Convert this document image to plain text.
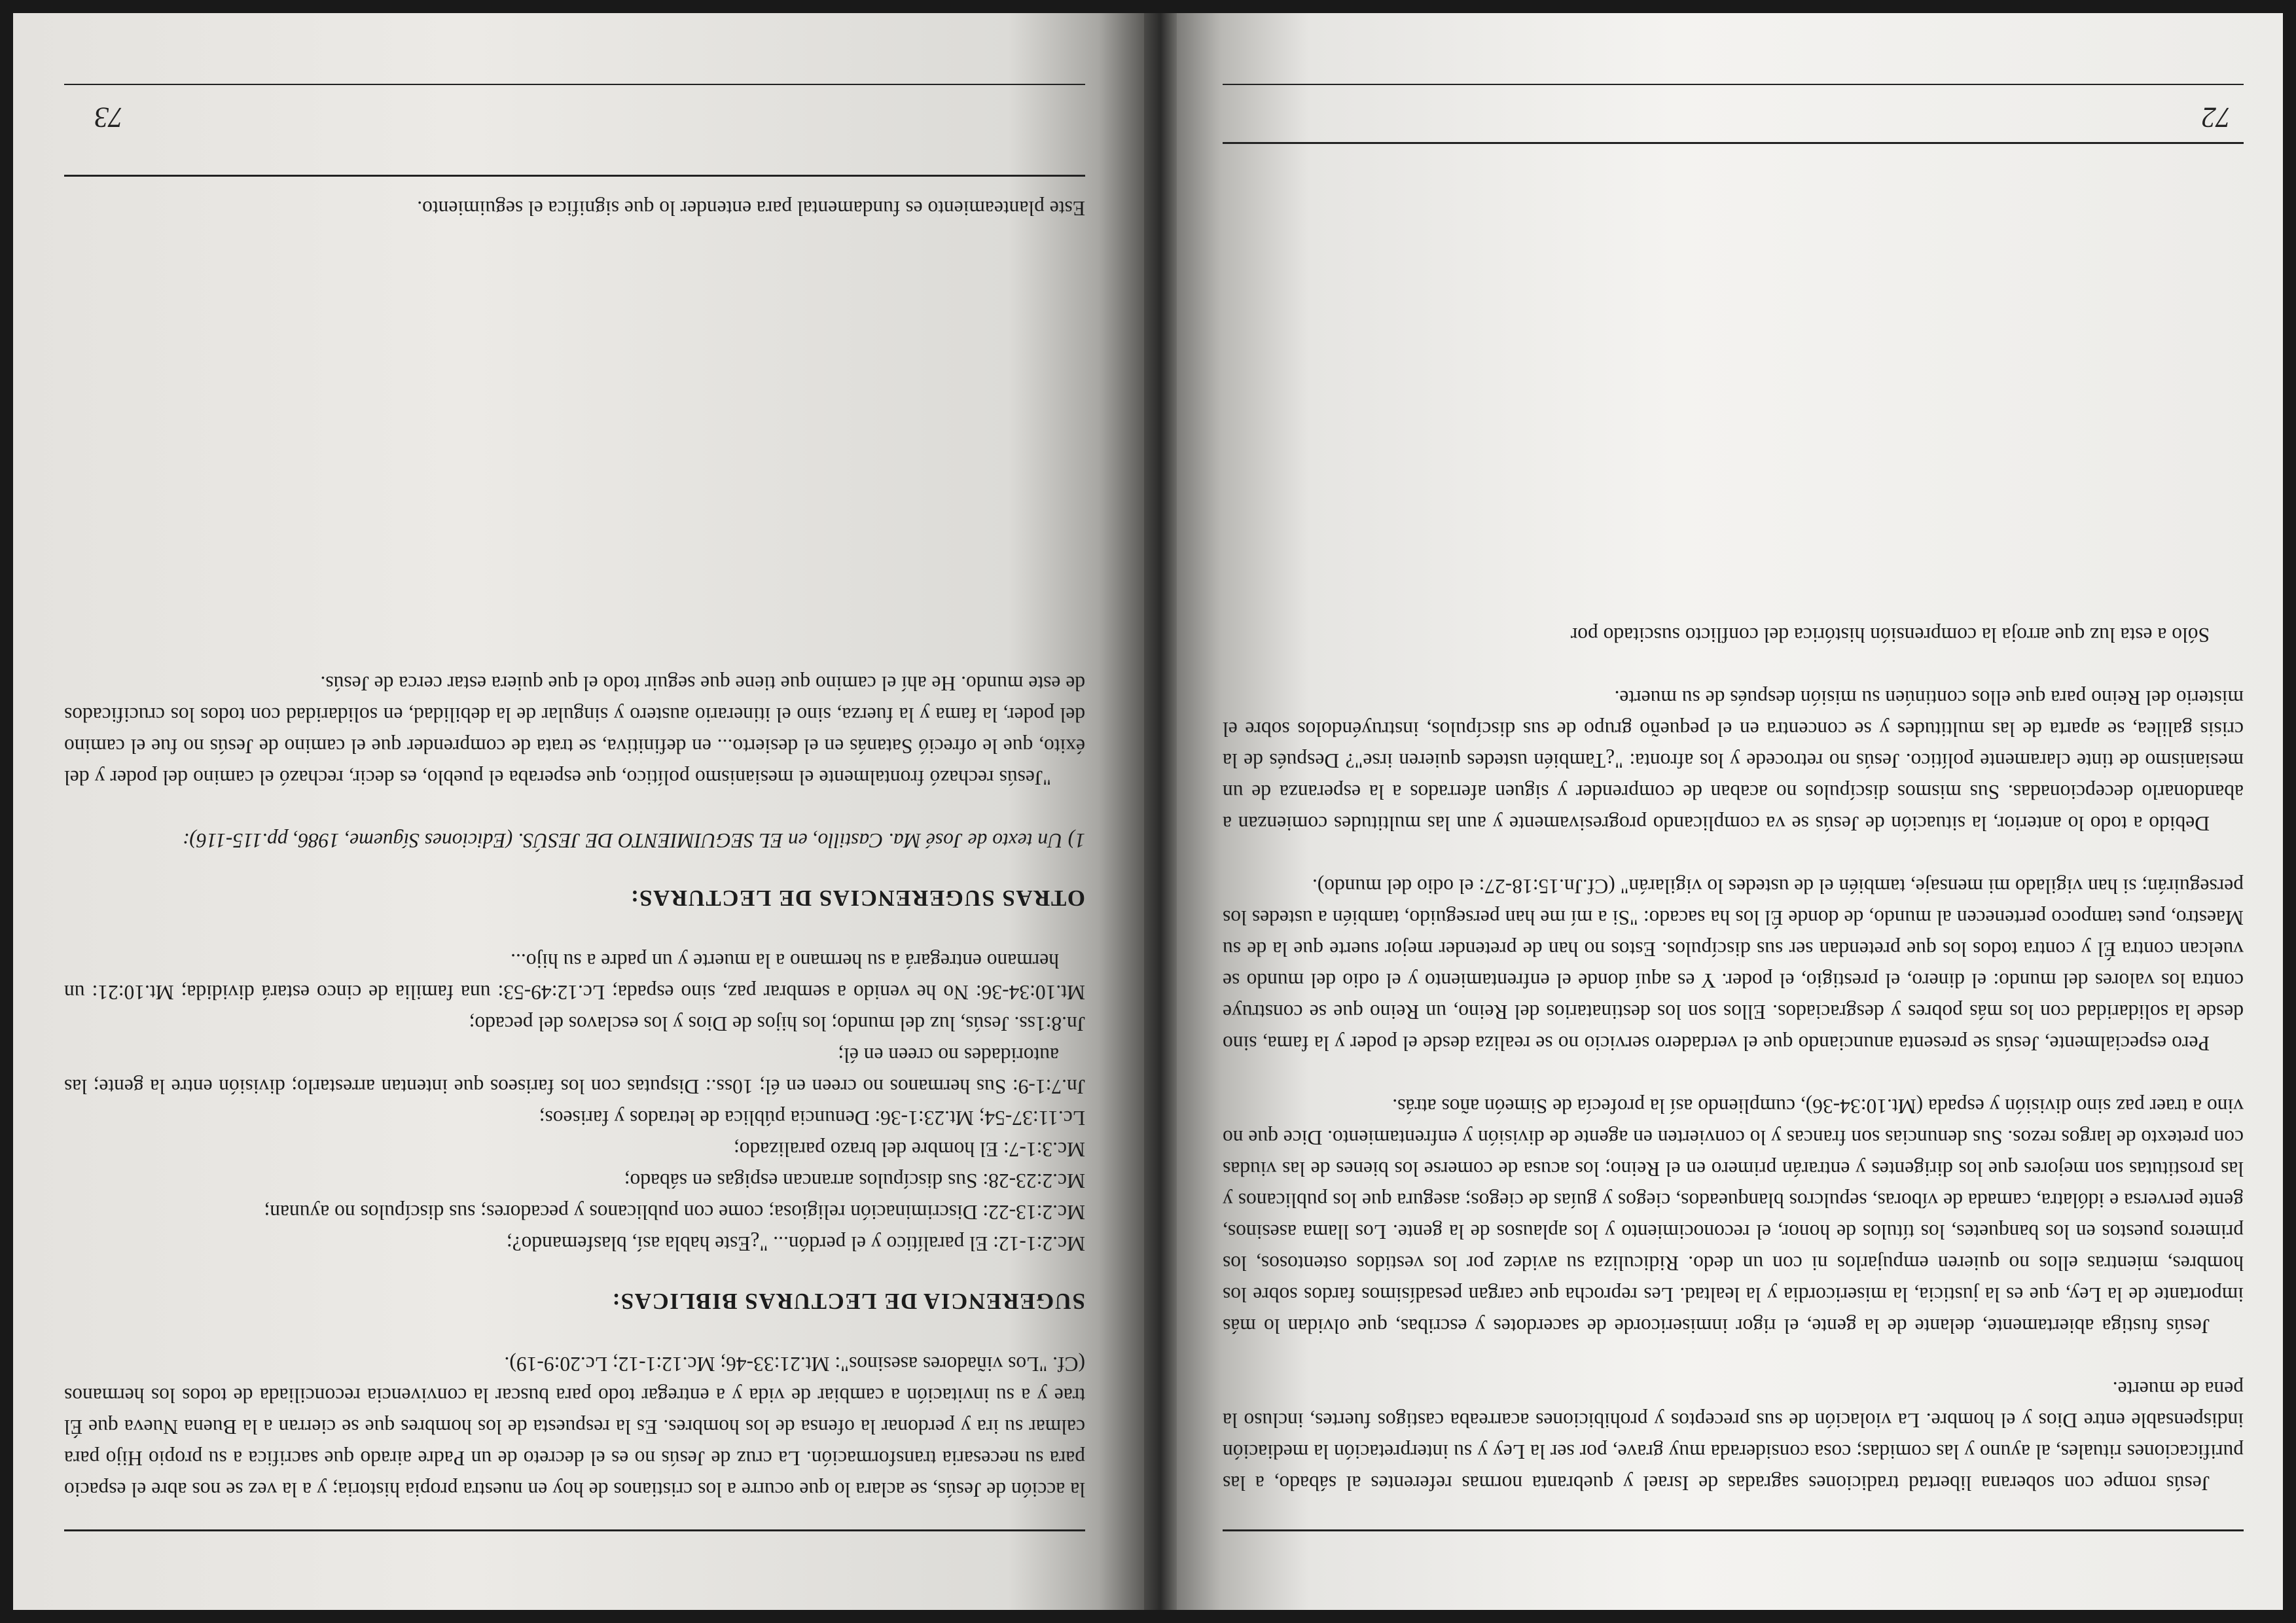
Jesús rompe con soberana libertad tradiciones sagradas de Israel y quebranta normas referentes al sábado, a las purificaciones rituales, al ayuno y las comidas; cosa considerada muy grave, por ser la Ley y su interpretación la mediación indispensable entre Dios y el hombre. La violación de sus preceptos y prohibiciones acarreaba castigos fuertes, incluso la pena de muerte.

Jesús fustiga abiertamente, delante de la gente, el rigor inmisericorde de sacerdotes y escribas, que olvidan lo más importante de la Ley, que es la justicia, la misericordia y la lealtad. Les reprocha que cargan pesadísimos fardos sobre los hombres, mientras ellos no quieren empujarlos ni con un dedo. Ridiculiza su avidez por los vestidos ostentosos, los primeros puestos en los banquetes, los títulos de honor, el reconocimiento y los aplausos de la gente. Los llama asesinos, gente perversa e idólatra, camada de víboras, sepulcros blanqueados, ciegos y guías de ciegos; asegura que los publicanos y las prostitutas son mejores que los dirigentes y entrarán primero en el Reino; los acusa de comerse los bienes de las viudas con pretexto de largos rezos. Sus denuncias son francas y lo convierten en agente de división y enfrentamiento. Dice que no vino a traer paz sino división y espada (Mt.10:34-36), cumpliendo así la profecía de Simeón años atrás.

Pero especialmente, Jesús se presenta anunciando que el verdadero servicio no se realiza desde el poder y la fama, sino desde la solidaridad con los más pobres y desgraciados. Ellos son los destinatarios del Reino, un Reino que se construye contra los valores del mundo: el dinero, el prestigio, el poder. Y es aquí donde el enfrentamiento y el odio del mundo se vuelcan contra Él y contra todos los que pretendan ser sus discípulos. Estos no han de pretender mejor suerte que la de su Maestro, pues tampoco pertenecen al mundo, de donde Él los ha sacado: "Si a mí me han perseguido, también a ustedes los perseguirán; si han vigilado mi mensaje, también el de ustedes lo vigilarán" (Cf.Jn.15:18-27: el odio del mundo).

Debido a todo lo anterior, la situación de Jesús se va complicando progresivamente y aun las multitudes comienzan a abandonarlo decepcionadas. Sus mismos discípulos no acaban de comprender y siguen aferrados a la esperanza de un mesianismo de tinte claramente político. Jesús no retrocede y los afronta: "¿También ustedes quieren irse"? Después de la crisis galilea, se aparta de las multitudes y se concentra en el pequeño grupo de sus discípulos, instruyéndolos sobre el misterio del Reino para que ellos continúen su misión después de su muerte.

Sólo a esta luz que arroja la comprensión histórica del conflicto suscitado por

72

la acción de Jesús, se aclara lo que ocurre a los cristianos de hoy en nuestra propia historia; y a la vez se nos abre el espacio para su necesaria transformación. La cruz de Jesús no es el decreto de un Padre airado que sacrifica a su propio Hijo para calmar su ira y perdonar la ofensa de los hombres. Es la respuesta de los hombres que se cierran a la Buena Nueva que Él trae y a su invitación a cambiar de vida y a entregar todo para buscar la convivencia reconciliada de todos los hermanos (Cf. "Los viñadores asesinos": Mt.21:33-46; Mc.12:1-12; Lc.20:9-19).

SUGERENCIA DE LECTURAS BIBLICAS:

Mc.2:1-12: El paralítico y el perdón... "¿Este habla así, blasfemando?;

Mc.2:13-22: Discriminación religiosa; come con publicanos y pecadores; sus discípulos no ayunan;

Mc.2:23-28: Sus discípulos arrancan espigas en sábado;

Mc.3:1-7: El hombre del brazo paralizado;

Lc.11:37-54; Mt.23:1-36: Denuncia pública de letrados y fariseos;

Jn.7:1-9: Sus hermanos no creen en él; 10ss.: Disputas con los fariseos que intentan arrestarlo; división entre la gente; las autoridades no creen en él;

Jn.8:1ss. Jesús, luz del mundo; los hijos de Dios y los esclavos del pecado;

Mt.10:34-36: No he venido a sembrar paz, sino espada; Lc.12:49-53: una familia de cinco estará dividida; Mt.10:21: un hermano entregará a su hermano a la muerte y un padre a su hijo...

OTRAS SUGERENCIAS DE LECTURAS:

1) Un texto de José Ma. Castillo, en EL SEGUIMIENTO DE JESÚS. (Ediciones Sígueme, 1986, pp.115-116):

"Jesús rechazó frontalmente el mesianismo político, que esperaba el pueblo, es decir, rechazó el camino del poder y del éxito, que le ofreció Satanás en el desierto... en definitiva, se trata de comprender que el camino de Jesús no fue el camino del poder, la fama y la fuerza, sino el itinerario austero y singular de la debilidad, en solidaridad con todos los crucificados de este mundo. He ahí el camino que tiene que seguir todo el que quiera estar cerca de Jesús.

Este planteamiento es fundamental para entender lo que significa el seguimiento.

73
